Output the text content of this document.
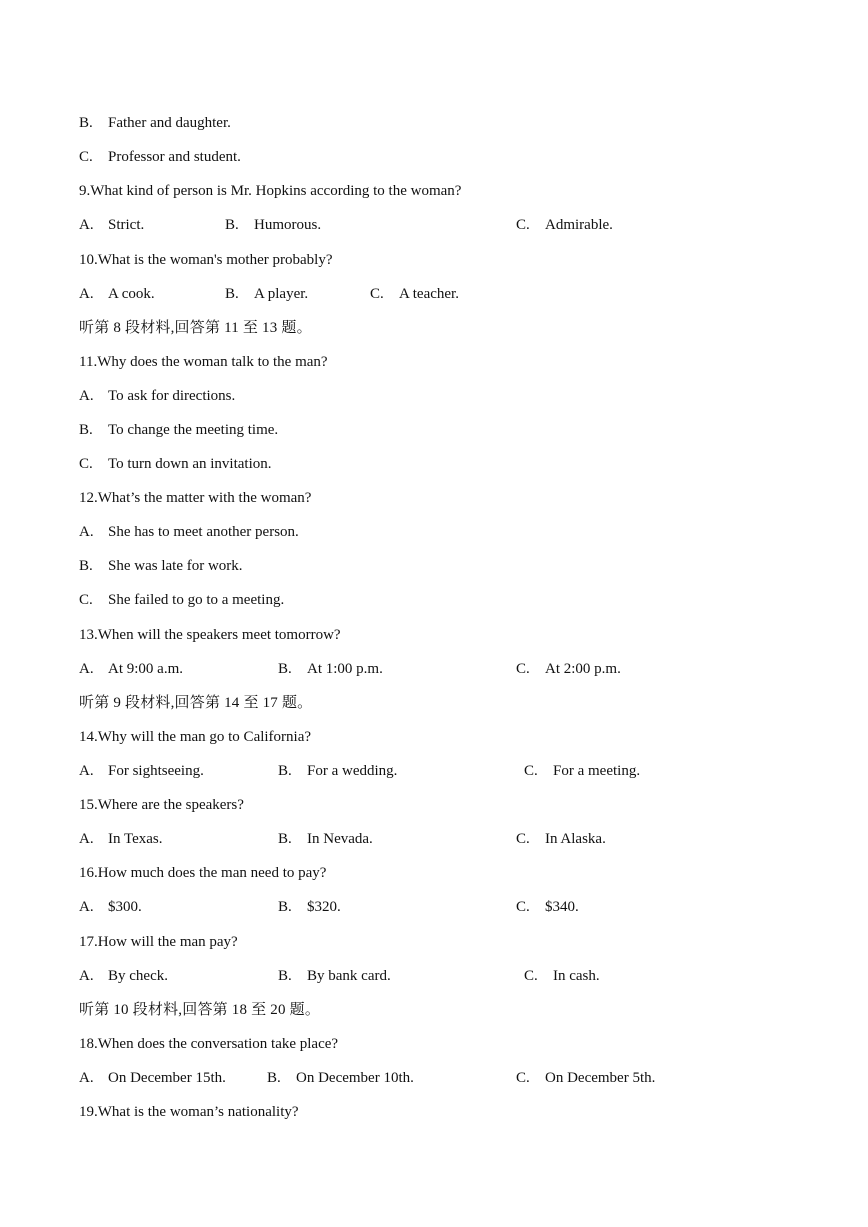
B. Father and daughter.
C. Professor and student.
9.What kind of person is Mr. Hopkins according to the woman?
A. Strict.	B. Humorous.	C. Admirable.
10.What is the woman's mother probably?
A. A cook.	B. A player.	C. A teacher.
听第 8 段材料,回答第 11 至 13 题。
11.Why does the woman talk to the man?
A. To ask for directions.
B. To change the meeting time.
C. To turn down an invitation.
12.What’s the matter with the woman?
A. She has to meet another person.
B. She was late for work.
C. She failed to go to a meeting.
13.When will the speakers meet tomorrow?
A. At 9:00 a.m.	B. At 1:00 p.m.	C. At 2:00 p.m.
听第 9 段材料,回答第 14 至 17 题。
14.Why will the man go to California?
A. For sightseeing.	B. For a wedding.	C. For a meeting.
15.Where are the speakers?
A. In Texas.	B. In Nevada.	C. In Alaska.
16.How much does the man need to pay?
A. $300.	B. $320.	C. $340.
17.How will the man pay?
A. By check.	B. By bank card.	C. In cash.
听第 10 段材料,回答第 18 至 20 题。
18.When does the conversation take place?
A. On December 15th.	B. On December 10th.	C. On December 5th.
19.What is the woman’s nationality?
